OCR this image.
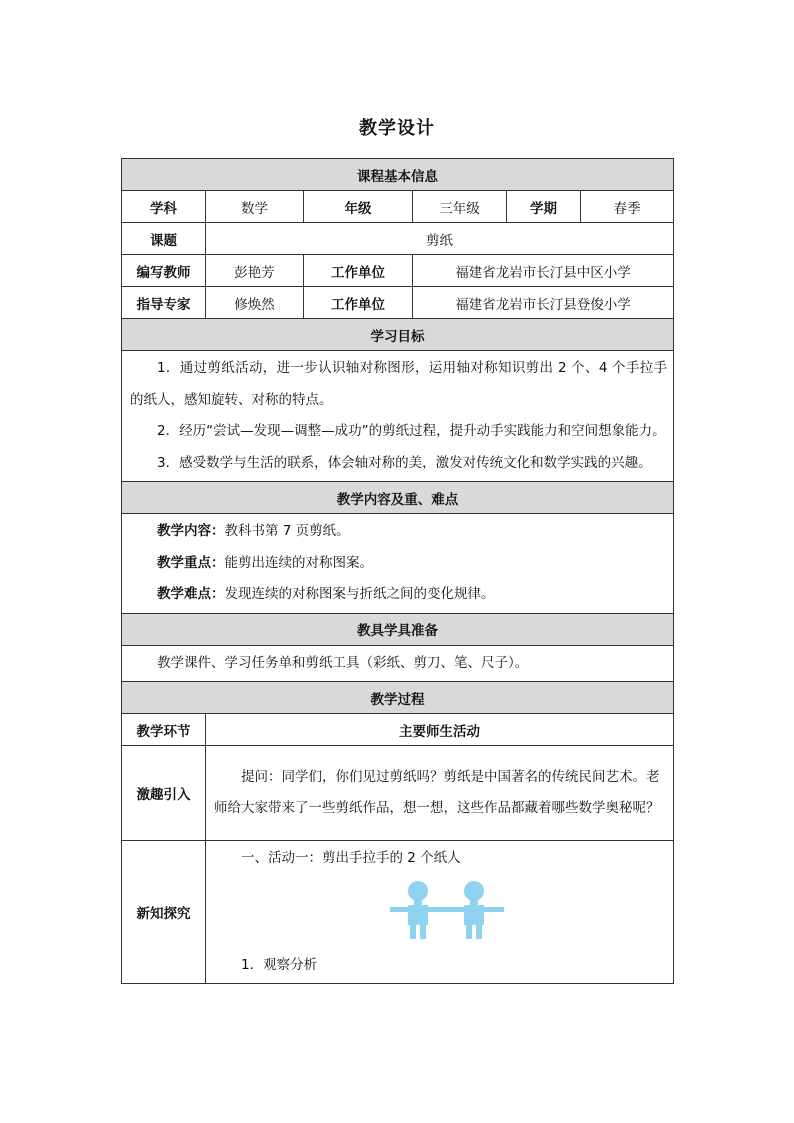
教学设计
课程基本信息					
学科	数学	年级	三年级	学期	春季
课题	剪纸				
编写教师	彭艳芳	工作单位	福建省龙岩市长汀县中区小学		
指导专家	修焕然	工作单位	福建省龙岩市长汀县登俊小学		
学习目标					

1．通过剪纸活动，进一步认识轴对称图形，运用轴对称知识剪出 2 个、4 个手拉手的纸人，感知旋转、对称的特点。

2．经历“尝试—发现—调整—成功”的剪纸过程，提升动手实践能力和空间想象能力。

3．感受数学与生活的联系，体会轴对称的美，激发对传统文化和数学实践的兴趣。					

教学内容及重、难点					

教学内容：教科书第 7 页剪纸。

教学重点：能剪出连续的对称图案。

教学难点：发现连续的对称图案与折纸之间的变化规律。					

教具学具准备					

教学课件、学习任务单和剪纸工具（彩纸、剪刀、笔、尺子）。					

教学过程					
教学环节	主要师生活动				
激趣引入	提问：同学们，你们见过剪纸吗？剪纸是中国著名的传统民间艺术。老师给大家带来了一些剪纸作品，想一想，这些作品都藏着哪些数学奥秘呢？				

新知探究	一、活动一：剪出手拉手的 2 个纸人

1．观察分析				
